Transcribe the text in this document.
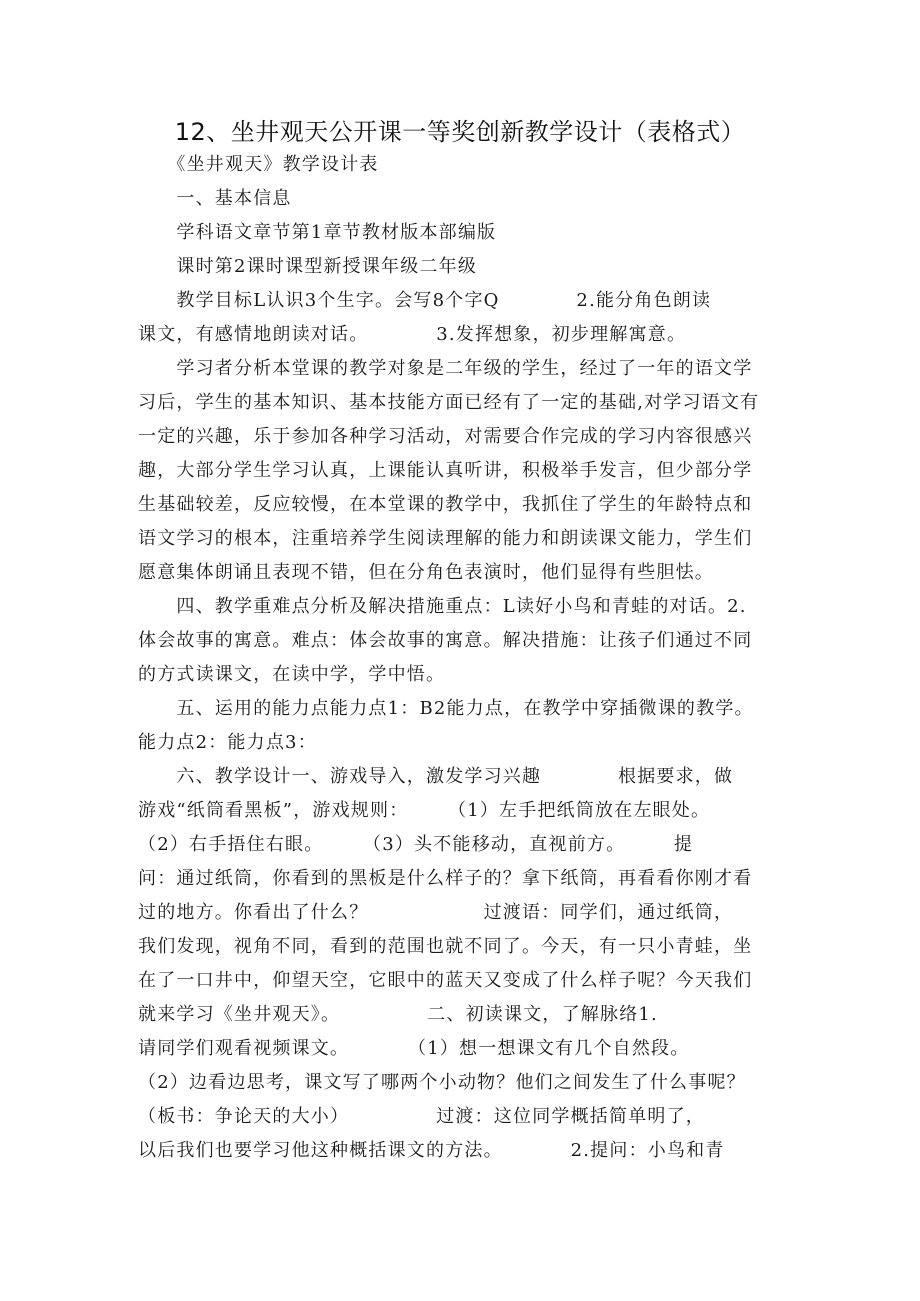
12、坐井观天公开课一等奖创新教学设计（表格式）
　　《坐井观天》教学设计表
　　一、基本信息
　　学科语文章节第1章节教材版本部编版
　　课时第2课时课型新授课年级二年级
　　教学目标L认识3个生字。会写8个字Q　　　　2.能分角色朗读
课文，有感情地朗读对话。　　　　3.发挥想象，初步理解寓意。
　　学习者分析本堂课的教学对象是二年级的学生，经过了一年的语文学
习后，学生的基本知识、基本技能方面已经有了一定的基础,对学习语文有
一定的兴趣，乐于参加各种学习活动，对需要合作完成的学习内容很感兴
趣，大部分学生学习认真，上课能认真听讲，积极举手发言，但少部分学
生基础较差，反应较慢，在本堂课的教学中，我抓住了学生的年龄特点和
语文学习的根本，注重培养学生阅读理解的能力和朗读课文能力，学生们
愿意集体朗诵且表现不错，但在分角色表演时，他们显得有些胆怯。
　　四、教学重难点分析及解决措施重点：L读好小鸟和青蛙的对话。2.
体会故事的寓意。难点：体会故事的寓意。解决措施：让孩子们通过不同
的方式读课文，在读中学，学中悟。
　　五、运用的能力点能力点1：B2能力点，在教学中穿插微课的教学。
能力点2：能力点3：
　　六、教学设计一、游戏导入，激发学习兴趣　　　　根据要求，做
游戏“纸筒看黑板”，游戏规则：　　　（1）左手把纸筒放在左眼处。
（2）右手捂住右眼。　　　（3）头不能移动，直视前方。　　　提
问：通过纸筒，你看到的黑板是什么样子的？拿下纸筒，再看看你刚才看
过的地方。你看出了什么？　　　　　　过渡语：同学们，通过纸筒，
我们发现，视角不同，看到的范围也就不同了。今天，有一只小青蛙，坐
在了一口井中，仰望天空，它眼中的蓝天又变成了什么样子呢？今天我们
就来学习《坐井观天》。　　　　　二、初读课文，了解脉络1.
请同学们观看视频课文。　　　　（1）想一想课文有几个自然段。
（2）边看边思考，课文写了哪两个小动物？他们之间发生了什么事呢？
（板书：争论天的大小）　　　　　过渡：这位同学概括简单明了，
以后我们也要学习他这种概括课文的方法。　　　　2.提问：小鸟和青
